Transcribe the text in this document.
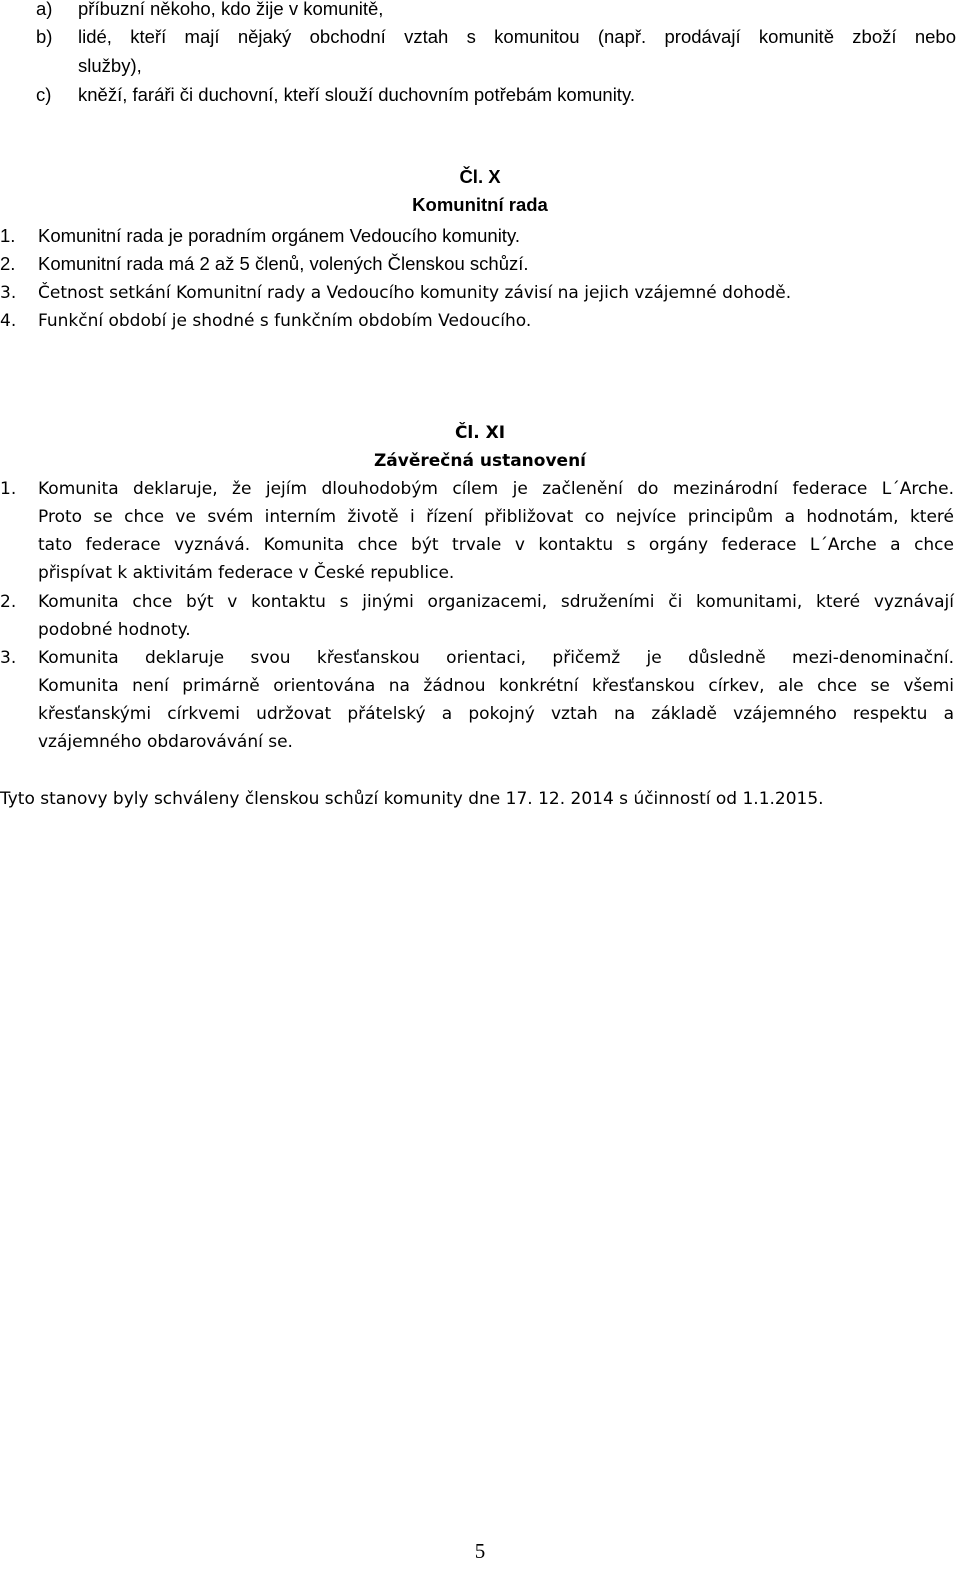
a) příbuzní někoho, kdo žije v komunitě,
b) lidé, kteří mají nějaký obchodní vztah s komunitou (např. prodávají komunitě zboží nebo
služby),
c) kněží, faráři či duchovní, kteří slouží duchovním potřebám komunity.
Čl. X
Komunitní rada
1. Komunitní rada je poradním orgánem Vedoucího komunity.
2. Komunitní rada má 2 až 5 členů, volených Členskou schůzí.
3. Četnost setkání Komunitní rady a Vedoucího komunity závisí na jejich vzájemné dohodě.
4. Funkční období je shodné s funkčním obdobím Vedoucího.
Čl. XI
Závěrečná ustanovení
1. Komunita deklaruje, že jejím dlouhodobým cílem je začlenění do mezinárodní federace L´Arche.
Proto se chce ve svém interním životě i řízení přibližovat co nejvíce principům a hodnotám, které
tato federace vyznává. Komunita chce být trvale v kontaktu s orgány federace L´Arche a chce
přispívat k aktivitám federace v České republice.
2. Komunita chce být v kontaktu s jinými organizacemi, sdruženími či komunitami, které vyznávají
podobné hodnoty.
3. Komunita deklaruje svou křesťanskou orientaci, přičemž je důsledně mezi-denominační.
Komunita není primárně orientována na žádnou konkrétní křesťanskou církev, ale chce se všemi
křesťanskými církvemi udržovat přátelský a pokojný vztah na základě vzájemného respektu a
vzájemného obdarovávání se.
Tyto stanovy byly schváleny členskou schůzí komunity dne 17. 12. 2014 s účinností od 1.1.2015.
5
